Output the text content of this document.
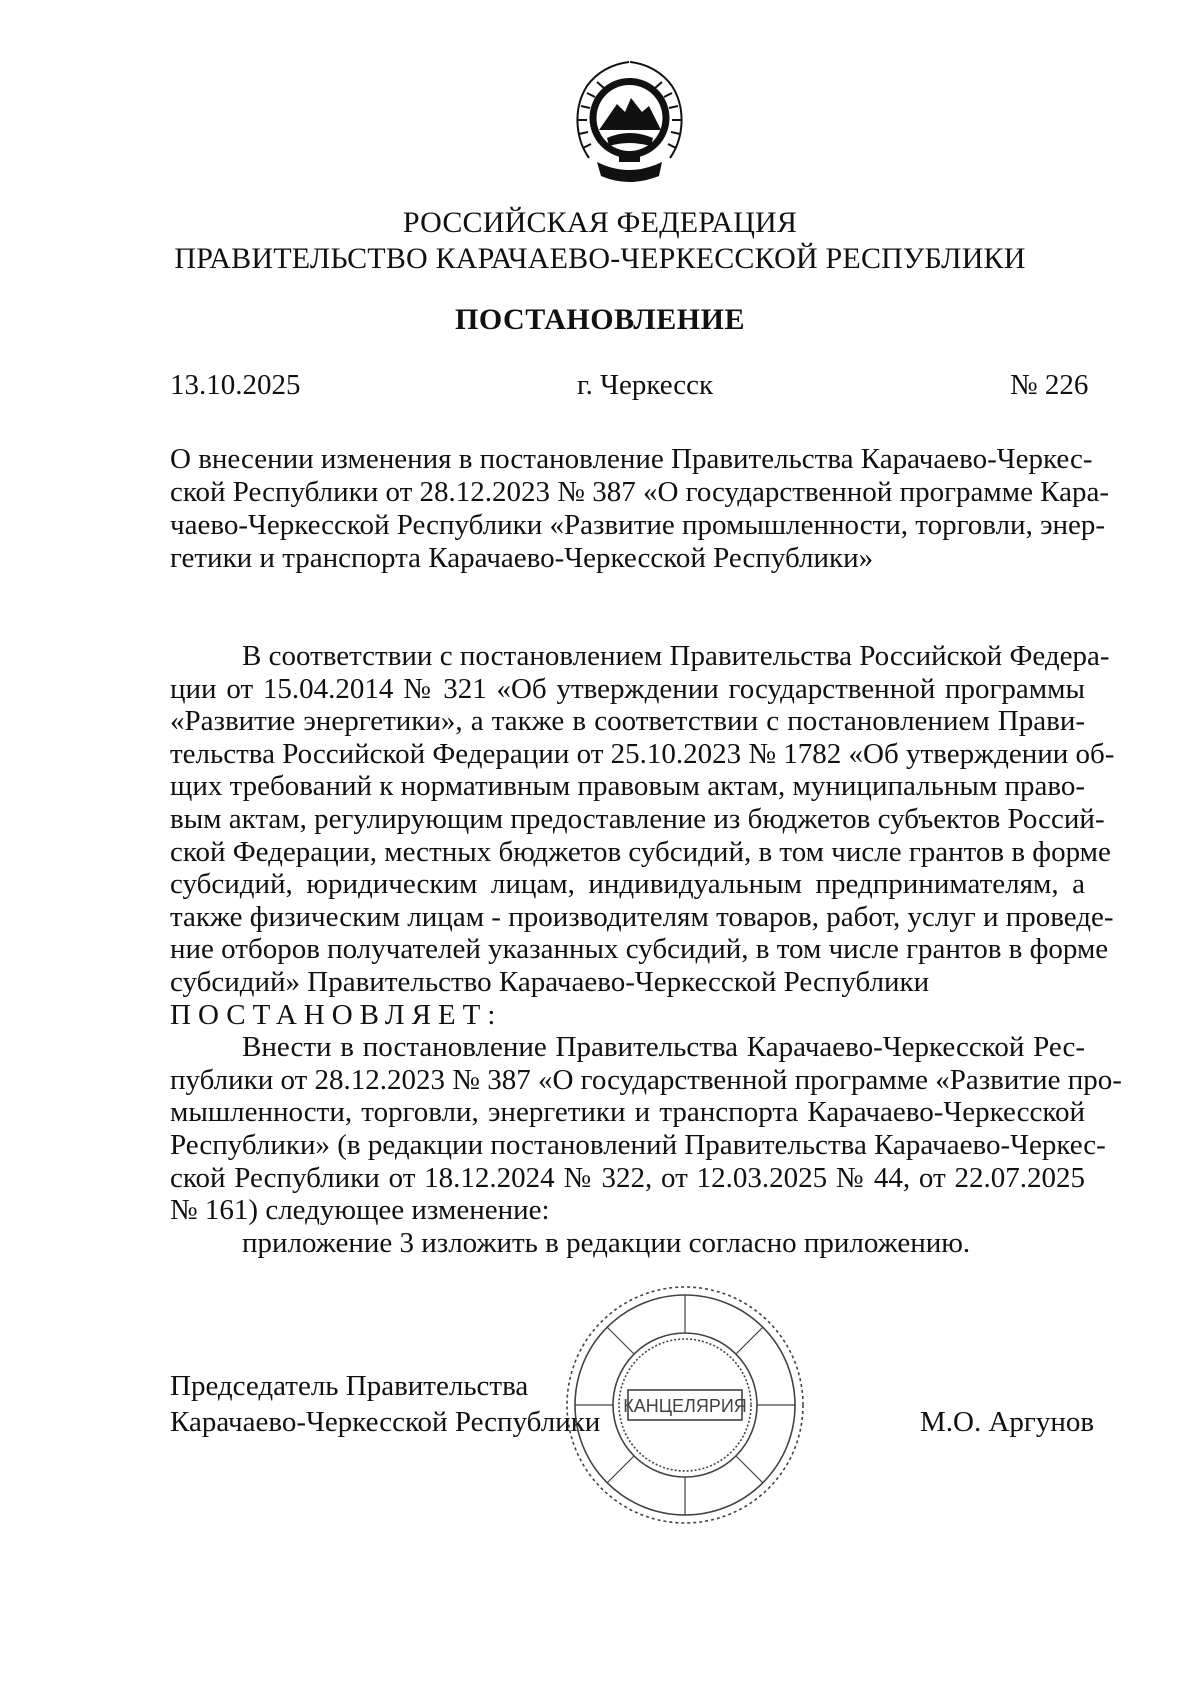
РОССИЙСКАЯ ФЕДЕРАЦИЯ
ПРАВИТЕЛЬСТВО КАРАЧАЕВО-ЧЕРКЕССКОЙ РЕСПУБЛИКИ
ПОСТАНОВЛЕНИЕ
13.10.2025	г. Черкесск	№ 226
О внесении изменения в постановление Правительства Карачаево-Черкес-
ской Республики от 28.12.2023 № 387 «О государственной программе Кара-
чаево-Черкесской Республики «Развитие промышленности, торговли, энер-
гетики и транспорта Карачаево-Черкесской Республики»
В соответствии с постановлением Правительства Российской Федера-
ции от 15.04.2014 № 321 «Об утверждении государственной программы
«Развитие энергетики», а также в соответствии с постановлением Прави-
тельства Российской Федерации от 25.10.2023 № 1782 «Об утверждении об-
щих требований к нормативным правовым актам, муниципальным право-
вым актам, регулирующим предоставление из бюджетов субъектов Россий-
ской Федерации, местных бюджетов субсидий, в том числе грантов в форме
субсидий, юридическим лицам, индивидуальным предпринимателям, а
также физическим лицам - производителям товаров, работ, услуг и проведе-
ние отборов получателей указанных субсидий, в том числе грантов в форме
субсидий» Правительство Карачаево-Черкесской Республики
ПОСТАНОВЛЯЕТ:
Внести в постановление Правительства Карачаево-Черкесской Рес-
публики от 28.12.2023 № 387 «О государственной программе «Развитие про-
мышленности, торговли, энергетики и транспорта Карачаево-Черкесской
Республики» (в редакции постановлений Правительства Карачаево-Черкес-
ской Республики от 18.12.2024 № 322, от 12.03.2025 № 44, от 22.07.2025
№ 161) следующее изменение:
приложение 3 изложить в редакции согласно приложению.
Председатель Правительства
Карачаево-Черкесской Республики	М.О. Аргунов
КАНЦЕЛЯРИЯ
